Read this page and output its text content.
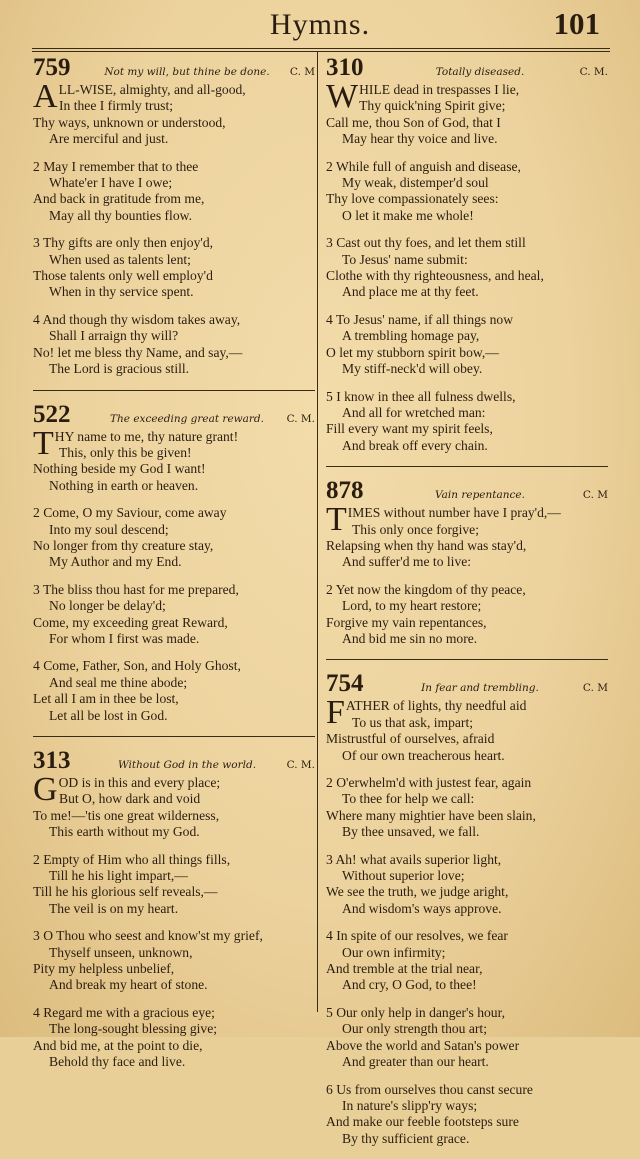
Hymns.	101
759	Not my will, but thine be done.	C. M
A LL-WISE, almighty, and all-good,
In thee I firmly trust;
Thy ways, unknown or understood,
Are merciful and just.
2 May I remember that to thee
Whate'er I have I owe;
And back in gratitude from me,
May all thy bounties flow.
3 Thy gifts are only then enjoy'd,
When used as talents lent;
Those talents only well employ'd
When in thy service spent.
4 And though thy wisdom takes away,
Shall I arraign thy will?
No! let me bless thy Name, and say,—
The Lord is gracious still.
522	The exceeding great reward.	C. M.
T HY name to me, thy nature grant!
This, only this be given!
Nothing beside my God I want!
Nothing in earth or heaven.
2 Come, O my Saviour, come away
Into my soul descend;
No longer from thy creature stay,
My Author and my End.
3 The bliss thou hast for me prepared,
No longer be delay'd;
Come, my exceeding great Reward,
For whom I first was made.
4 Come, Father, Son, and Holy Ghost,
And seal me thine abode;
Let all I am in thee be lost,
Let all be lost in God.
313	Without God in the world.	C. M.
G OD is in this and every place;
But O, how dark and void
To me!—'tis one great wilderness,
This earth without my God.
2 Empty of Him who all things fills,
Till he his light impart,—
Till he his glorious self reveals,—
The veil is on my heart.
3 O Thou who seest and know'st my grief,
Thyself unseen, unknown,
Pity my helpless unbelief,
And break my heart of stone.
4 Regard me with a gracious eye;
The long-sought blessing give;
And bid me, at the point to die,
Behold thy face and live.
310	Totally diseased.	C. M.
W HILE dead in trespasses I lie,
Thy quick'ning Spirit give;
Call me, thou Son of God, that I
May hear thy voice and live.
2 While full of anguish and disease,
My weak, distemper'd soul
Thy love compassionately sees:
O let it make me whole!
3 Cast out thy foes, and let them still
To Jesus' name submit:
Clothe with thy righteousness, and heal,
And place me at thy feet.
4 To Jesus' name, if all things now
A trembling homage pay,
O let my stubborn spirit bow,—
My stiff-neck'd will obey.
5 I know in thee all fulness dwells,
And all for wretched man:
Fill every want my spirit feels,
And break off every chain.
878	Vain repentance.	C. M
T IMES without number have I pray'd,—
This only once forgive;
Relapsing when thy hand was stay'd,
And suffer'd me to live:
2 Yet now the kingdom of thy peace,
Lord, to my heart restore;
Forgive my vain repentances,
And bid me sin no more.
754	In fear and trembling.	C. M
F ATHER of lights, thy needful aid
To us that ask, impart;
Mistrustful of ourselves, afraid
Of our own treacherous heart.
2 O'erwhelm'd with justest fear, again
To thee for help we call:
Where many mightier have been slain,
By thee unsaved, we fall.
3 Ah! what avails superior light,
Without superior love;
We see the truth, we judge aright,
And wisdom's ways approve.
4 In spite of our resolves, we fear
Our own infirmity;
And tremble at the trial near,
And cry, O God, to thee!
5 Our only help in danger's hour,
Our only strength thou art;
Above the world and Satan's power
And greater than our heart.
6 Us from ourselves thou canst secure
In nature's slipp'ry ways;
And make our feeble footsteps sure
By thy sufficient grace.
